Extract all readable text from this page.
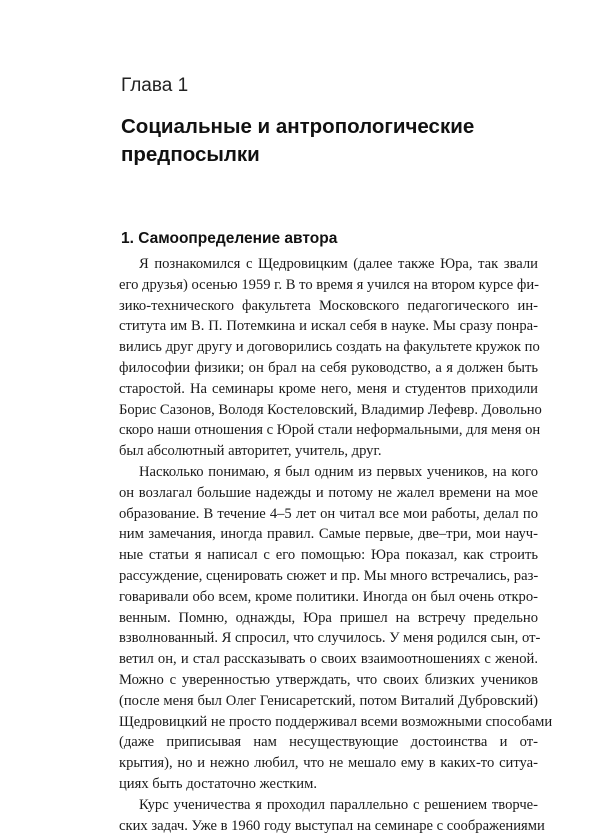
Глава 1
Социальные и антропологические
предпосылки
1. Самоопределение автора
Я познакомился с Щедровицким (далее также Юра, так звали
его друзья) осенью 1959 г. В то время я учился на втором курсе фи-
зико-технического факультета Московского педагогического ин-
ститута им В. П. Потемкина и искал себя в науке. Мы сразу понра-
вились друг другу и договорились создать на факультете кружок по
философии физики; он брал на себя руководство, а я должен быть
старостой. На семинары кроме него, меня и студентов приходили
Борис Сазонов, Володя Костеловский, Владимир Лефевр. Довольно
скоро наши отношения с Юрой стали неформальными, для меня он
был абсолютный авторитет, учитель, друг.
Насколько понимаю, я был одним из первых учеников, на кого
он возлагал большие надежды и потому не жалел времени на мое
образование. В течение 4–5 лет он читал все мои работы, делал по
ним замечания, иногда правил. Самые первые, две–три, мои науч-
ные статьи я написал с его помощью: Юра показал, как строить
рассуждение, сценировать сюжет и пр. Мы много встречались, раз-
говаривали обо всем, кроме политики. Иногда он был очень откро-
венным. Помню, однажды, Юра пришел на встречу предельно
взволнованный. Я спросил, что случилось. У меня родился сын, от-
ветил он, и стал рассказывать о своих взаимоотношениях с женой.
Можно с уверенностью утверждать, что своих близких учеников
(после меня был Олег Генисаретский, потом Виталий Дубровский)
Щедровицкий не просто поддерживал всеми возможными способами
(даже приписывая нам несуществующие достоинства и от-
крытия), но и нежно любил, что не мешало ему в каких-то ситуа-
циях быть достаточно жестким.
Курс ученичества я проходил параллельно с решением творче-
ских задач. Уже в 1960 году выступал на семинаре с соображениями
